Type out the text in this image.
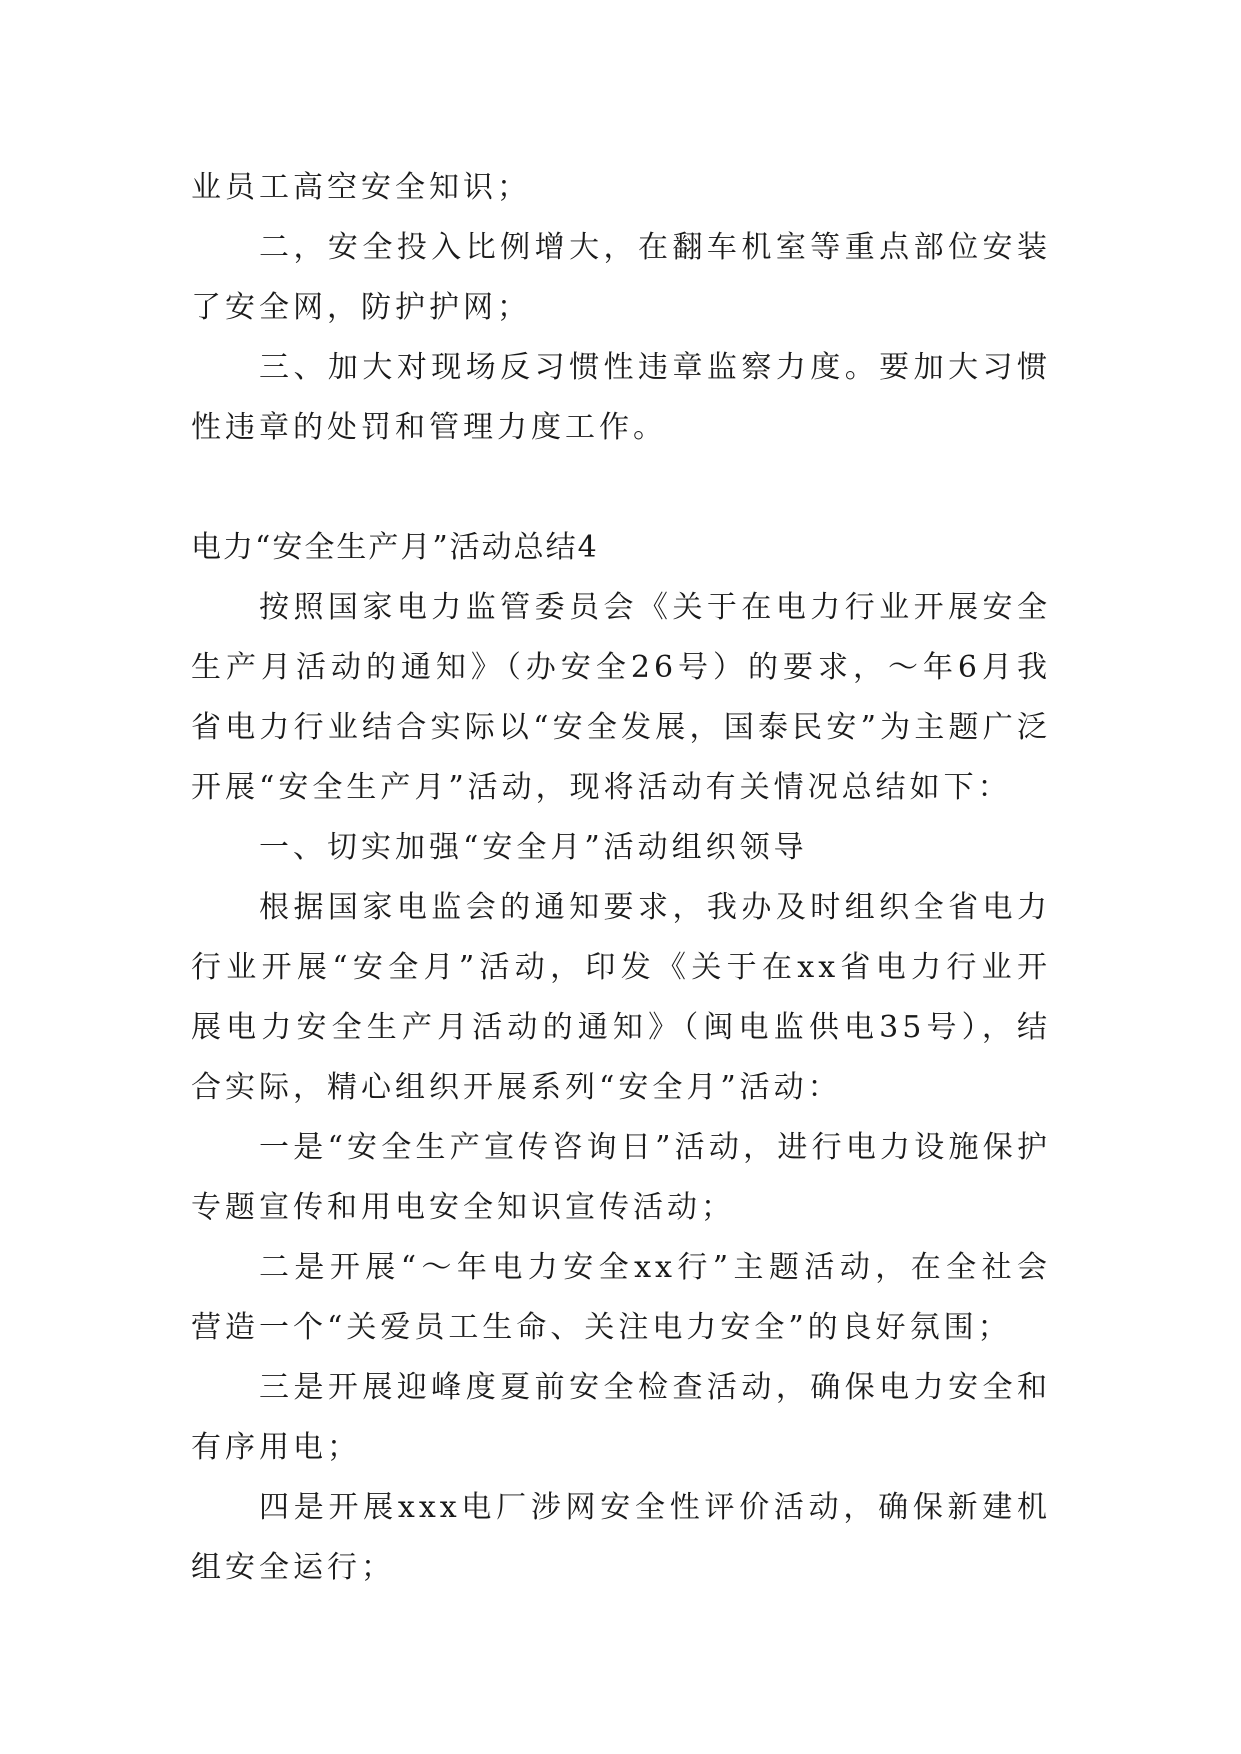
业员工高空安全知识；

二，安全投入比例增大，在翻车机室等重点部位安装了安全网，防护护网；

三、加大对现场反习惯性违章监察力度。要加大习惯性违章的处罚和管理力度工作。

电力“安全生产月”活动总结4

按照国家电力监管委员会《关于在电力行业开展安全生产月活动的通知》（办安全26号）的要求，～年6月我省电力行业结合实际以“安全发展，国泰民安”为主题广泛开展“安全生产月”活动，现将活动有关情况总结如下：

一、切实加强“安全月”活动组织领导

根据国家电监会的通知要求，我办及时组织全省电力行业开展“安全月”活动，印发《关于在xx省电力行业开展电力安全生产月活动的通知》（闽电监供电35号），结合实际，精心组织开展系列“安全月”活动：

一是“安全生产宣传咨询日”活动，进行电力设施保护专题宣传和用电安全知识宣传活动；

二是开展“～年电力安全xx行”主题活动，在全社会营造一个“关爱员工生命、关注电力安全”的良好氛围；

三是开展迎峰度夏前安全检查活动，确保电力安全和有序用电；

四是开展xxx电厂涉网安全性评价活动，确保新建机组安全运行；
